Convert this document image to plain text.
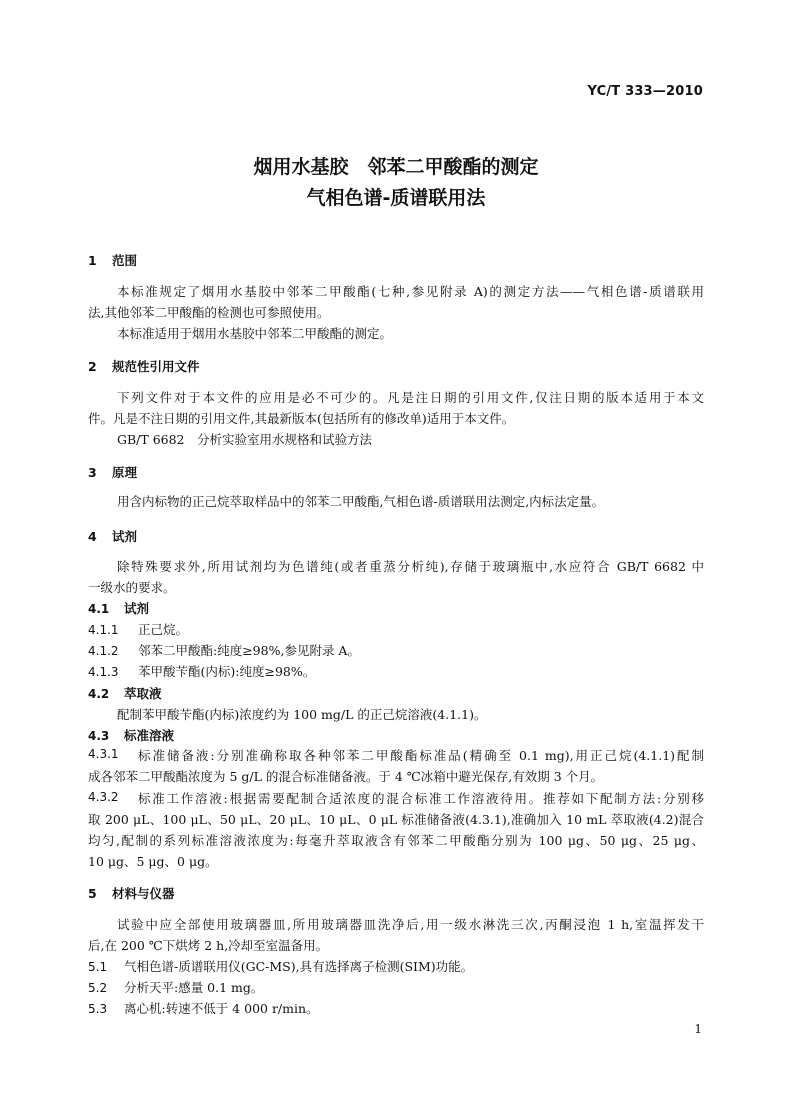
YC/T 333—2010
烟用水基胶　邻苯二甲酸酯的测定
气相色谱-质谱联用法
1 范围
本标准规定了烟用水基胶中邻苯二甲酸酯(七种,参见附录 A)的测定方法——气相色谱-质谱联用
法,其他邻苯二甲酸酯的检测也可参照使用。
本标准适用于烟用水基胶中邻苯二甲酸酯的测定。
2 规范性引用文件
下列文件对于本文件的应用是必不可少的。凡是注日期的引用文件,仅注日期的版本适用于本文
件。凡是不注日期的引用文件,其最新版本(包括所有的修改单)适用于本文件。
GB/T 6682　分析实验室用水规格和试验方法
3 原理
用含内标物的正己烷萃取样品中的邻苯二甲酸酯,气相色谱-质谱联用法测定,内标法定量。
4 试剂
除特殊要求外,所用试剂均为色谱纯(或者重蒸分析纯),存储于玻璃瓶中,水应符合 GB/T 6682 中
一级水的要求。
4.1 试剂
4.1.1 正己烷。
4.1.2 邻苯二甲酸酯:纯度≥98%,参见附录 A。
4.1.3 苯甲酸苄酯(内标):纯度≥98%。
4.2 萃取液
配制苯甲酸苄酯(内标)浓度约为 100 mg/L 的正己烷溶液(4.1.1)。
4.3 标准溶液
4.3.1	标准储备液:分别准确称取各种邻苯二甲酸酯标准品(精确至 0.1 mg),用正己烷(4.1.1)配制
成各邻苯二甲酸酯浓度为 5 g/L 的混合标准储备液。于 4 ℃冰箱中避光保存,有效期 3 个月。
4.3.2	标准工作溶液:根据需要配制合适浓度的混合标准工作溶液待用。推荐如下配制方法:分别移
取 200 μL、100 μL、50 μL、20 μL、10 μL、0 μL 标准储备液(4.3.1),准确加入 10 mL 萃取液(4.2)混合
均匀,配制的系列标准溶液浓度为:每毫升萃取液含有邻苯二甲酸酯分别为 100 μg、50 μg、25 μg、
10 μg、5 μg、0 μg。
5 材料与仪器
试验中应全部使用玻璃器皿,所用玻璃器皿洗净后,用一级水淋洗三次,丙酮浸泡 1 h,室温挥发干
后,在 200 ℃下烘烤 2 h,冷却至室温备用。
5.1 气相色谱-质谱联用仪(GC-MS),具有选择离子检测(SIM)功能。
5.2 分析天平:感量 0.1 mg。
5.3 离心机:转速不低于 4 000 r/min。
1
